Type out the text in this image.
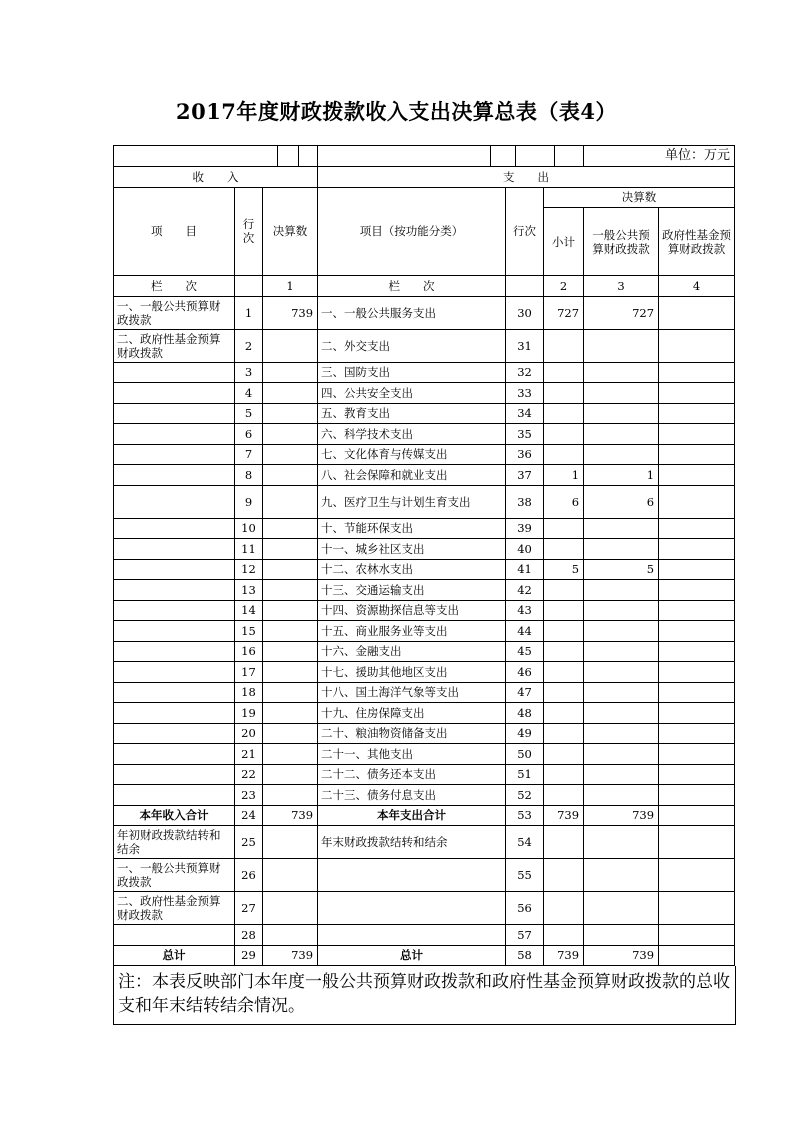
2017年度财政拨款收入支出决算总表（表4）

					单位：万元	
收　　入			支　　出				
项　　目	行次	决算数	项目（按功能分类）	行次	决算数		
					小计	一般公共预算财政拨款	政府性基金预算财政拨款
栏　　次		1	栏　　次		2	3	4
一、一般公共预算财政拨款	1	739	一、一般公共服务支出	30	727	727	
二、政府性基金预算财政拨款	2		二、外交支出	31			
	3		三、国防支出	32			
	4		四、公共安全支出	33			
	5		五、教育支出	34			
	6		六、科学技术支出	35			
	7		七、文化体育与传媒支出	36			
	8		八、社会保障和就业支出	37	1	1	
	9		九、医疗卫生与计划生育支出	38	6	6	
	10		十、节能环保支出	39			
	11		十一、城乡社区支出	40			
	12		十二、农林水支出	41	5	5	
	13		十三、交通运输支出	42			
	14		十四、资源勘探信息等支出	43			
	15		十五、商业服务业等支出	44			
	16		十六、金融支出	45			
	17		十七、援助其他地区支出	46			
	18		十八、国土海洋气象等支出	47			
	19		十九、住房保障支出	48			
	20		二十、粮油物资储备支出	49			
	21		二十一、其他支出	50			
	22		二十二、债务还本支出	51			
	23		二十三、债务付息支出	52			
本年收入合计	24	739	本年支出合计	53	739	739	
年初财政拨款结转和结余	25		年末财政拨款结转和结余	54			
一、一般公共预算财政拨款	26			55			
二、政府性基金预算财政拨款	27			56			
	28			57			
总计	29	739	总计	58	739	739	
注：本表反映部门本年度一般公共预算财政拨款和政府性基金预算财政拨款的总收支和年末结转结余情况。
